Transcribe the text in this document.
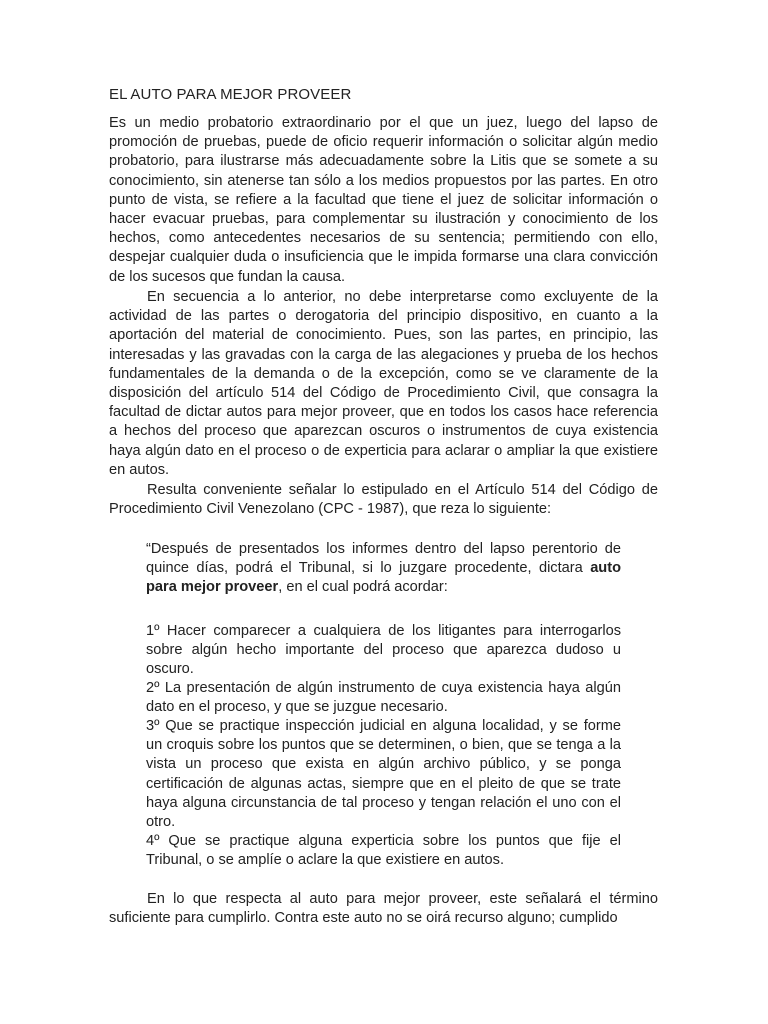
EL AUTO PARA MEJOR PROVEER

Es un medio probatorio extraordinario por el que un juez, luego del lapso de promoción de pruebas, puede de oficio requerir información o solicitar algún medio probatorio, para ilustrarse más adecuadamente sobre la Litis que se somete a su conocimiento, sin atenerse tan sólo a los medios propuestos por las partes. En otro punto de vista, se refiere a la facultad que tiene el juez de solicitar información o hacer evacuar pruebas, para complementar su ilustración y conocimiento de los hechos, como antecedentes necesarios de su sentencia; permitiendo con ello, despejar cualquier duda o insuficiencia que le impida formarse una clara convicción de los sucesos que fundan la causa.

En secuencia a lo anterior, no debe interpretarse como excluyente de la actividad de las partes o derogatoria del principio dispositivo, en cuanto a la aportación del material de conocimiento. Pues, son las partes, en principio, las interesadas y las gravadas con la carga de las alegaciones y prueba de los hechos fundamentales de la demanda o de la excepción, como se ve claramente de la disposición del artículo 514 del Código de Procedimiento Civil, que consagra la facultad de dictar autos para mejor proveer, que en todos los casos hace referencia a hechos del proceso que aparezcan oscuros o instrumentos de cuya existencia haya algún dato en el proceso o de experticia para aclarar o ampliar la que existiere en autos.

Resulta conveniente señalar lo estipulado en el Artículo 514 del Código de Procedimiento Civil Venezolano (CPC - 1987), que reza lo siguiente:

“Después de presentados los informes dentro del lapso perentorio de quince días, podrá el Tribunal, si lo juzgare procedente, dictara auto para mejor proveer, en el cual podrá acordar:

1º Hacer comparecer a cualquiera de los litigantes para interrogarlos sobre algún hecho importante del proceso que aparezca dudoso u oscuro.

2º La presentación de algún instrumento de cuya existencia haya algún dato en el proceso, y que se juzgue necesario.

3º Que se practique inspección judicial en alguna localidad, y se forme un croquis sobre los puntos que se determinen, o bien, que se tenga a la vista un proceso que exista en algún archivo público, y se ponga certificación de algunas actas, siempre que en el pleito de que se trate haya alguna circunstancia de tal proceso y tengan relación el uno con el otro.

4º Que se practique alguna experticia sobre los puntos que fije el Tribunal, o se amplíe o aclare la que existiere en autos.

En lo que respecta al auto para mejor proveer, este señalará el término suficiente para cumplirlo. Contra este auto no se oirá recurso alguno; cumplido
